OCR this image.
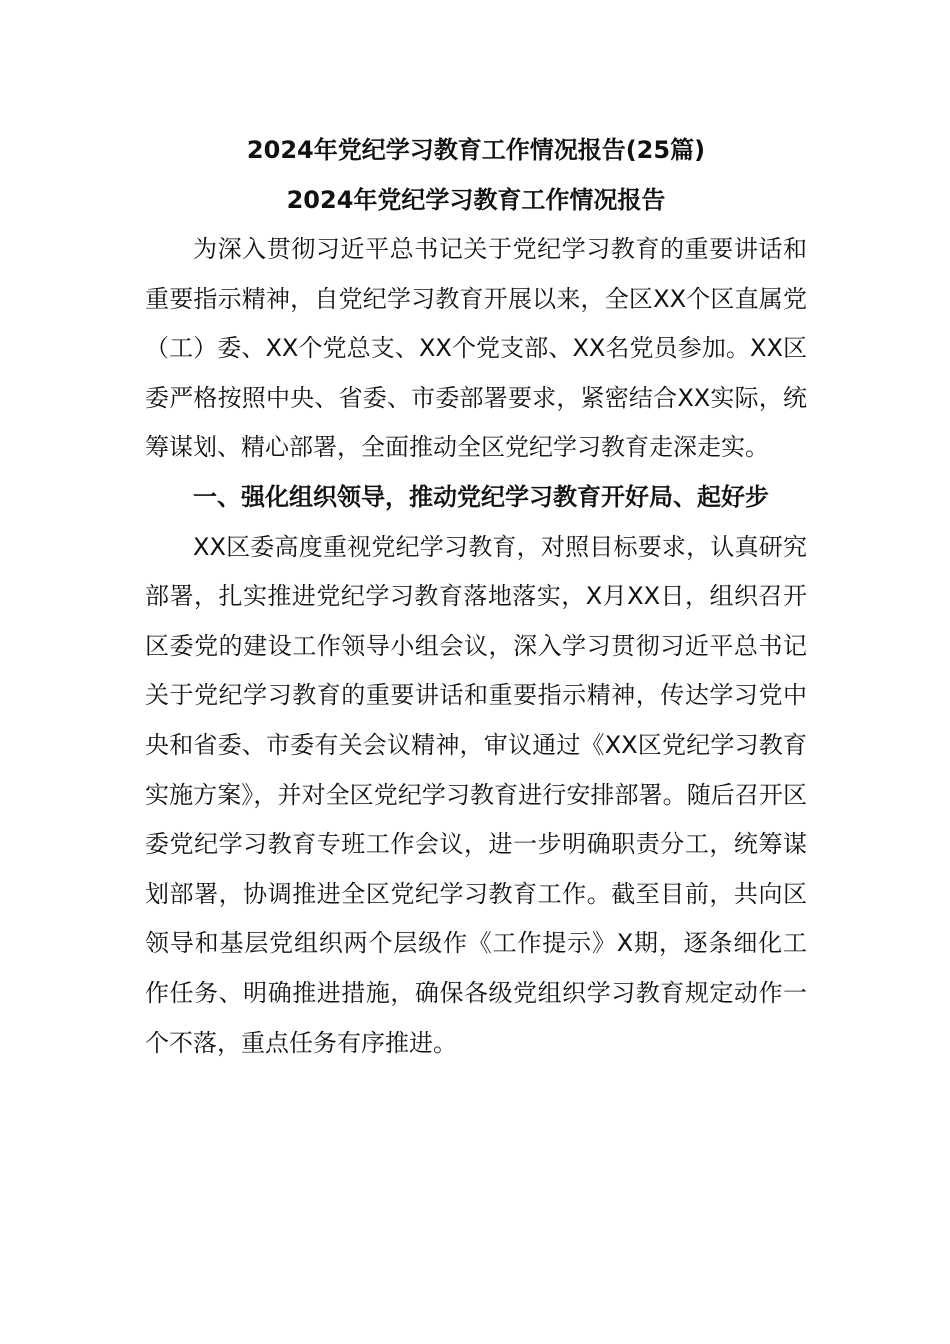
2024年党纪学习教育工作情况报告(25篇)
2024年党纪学习教育工作情况报告

为深入贯彻习近平总书记关于党纪学习教育的重要讲话和重要指示精神，自党纪学习教育开展以来，全区XX个区直属党（工）委、XX个党总支、XX个党支部、XX名党员参加。XX区委严格按照中央、省委、市委部署要求，紧密结合XX实际，统筹谋划、精心部署，全面推动全区党纪学习教育走深走实。

一、强化组织领导，推动党纪学习教育开好局、起好步

XX区委高度重视党纪学习教育，对照目标要求，认真研究部署，扎实推进党纪学习教育落地落实，X月XX日，组织召开区委党的建设工作领导小组会议，深入学习贯彻习近平总书记关于党纪学习教育的重要讲话和重要指示精神，传达学习党中央和省委、市委有关会议精神，审议通过《XX区党纪学习教育实施方案》，并对全区党纪学习教育进行安排部署。随后召开区委党纪学习教育专班工作会议，进一步明确职责分工，统筹谋划部署，协调推进全区党纪学习教育工作。截至目前，共向区领导和基层党组织两个层级作《工作提示》X期，逐条细化工作任务、明确推进措施，确保各级党组织学习教育规定动作一个不落，重点任务有序推进。
